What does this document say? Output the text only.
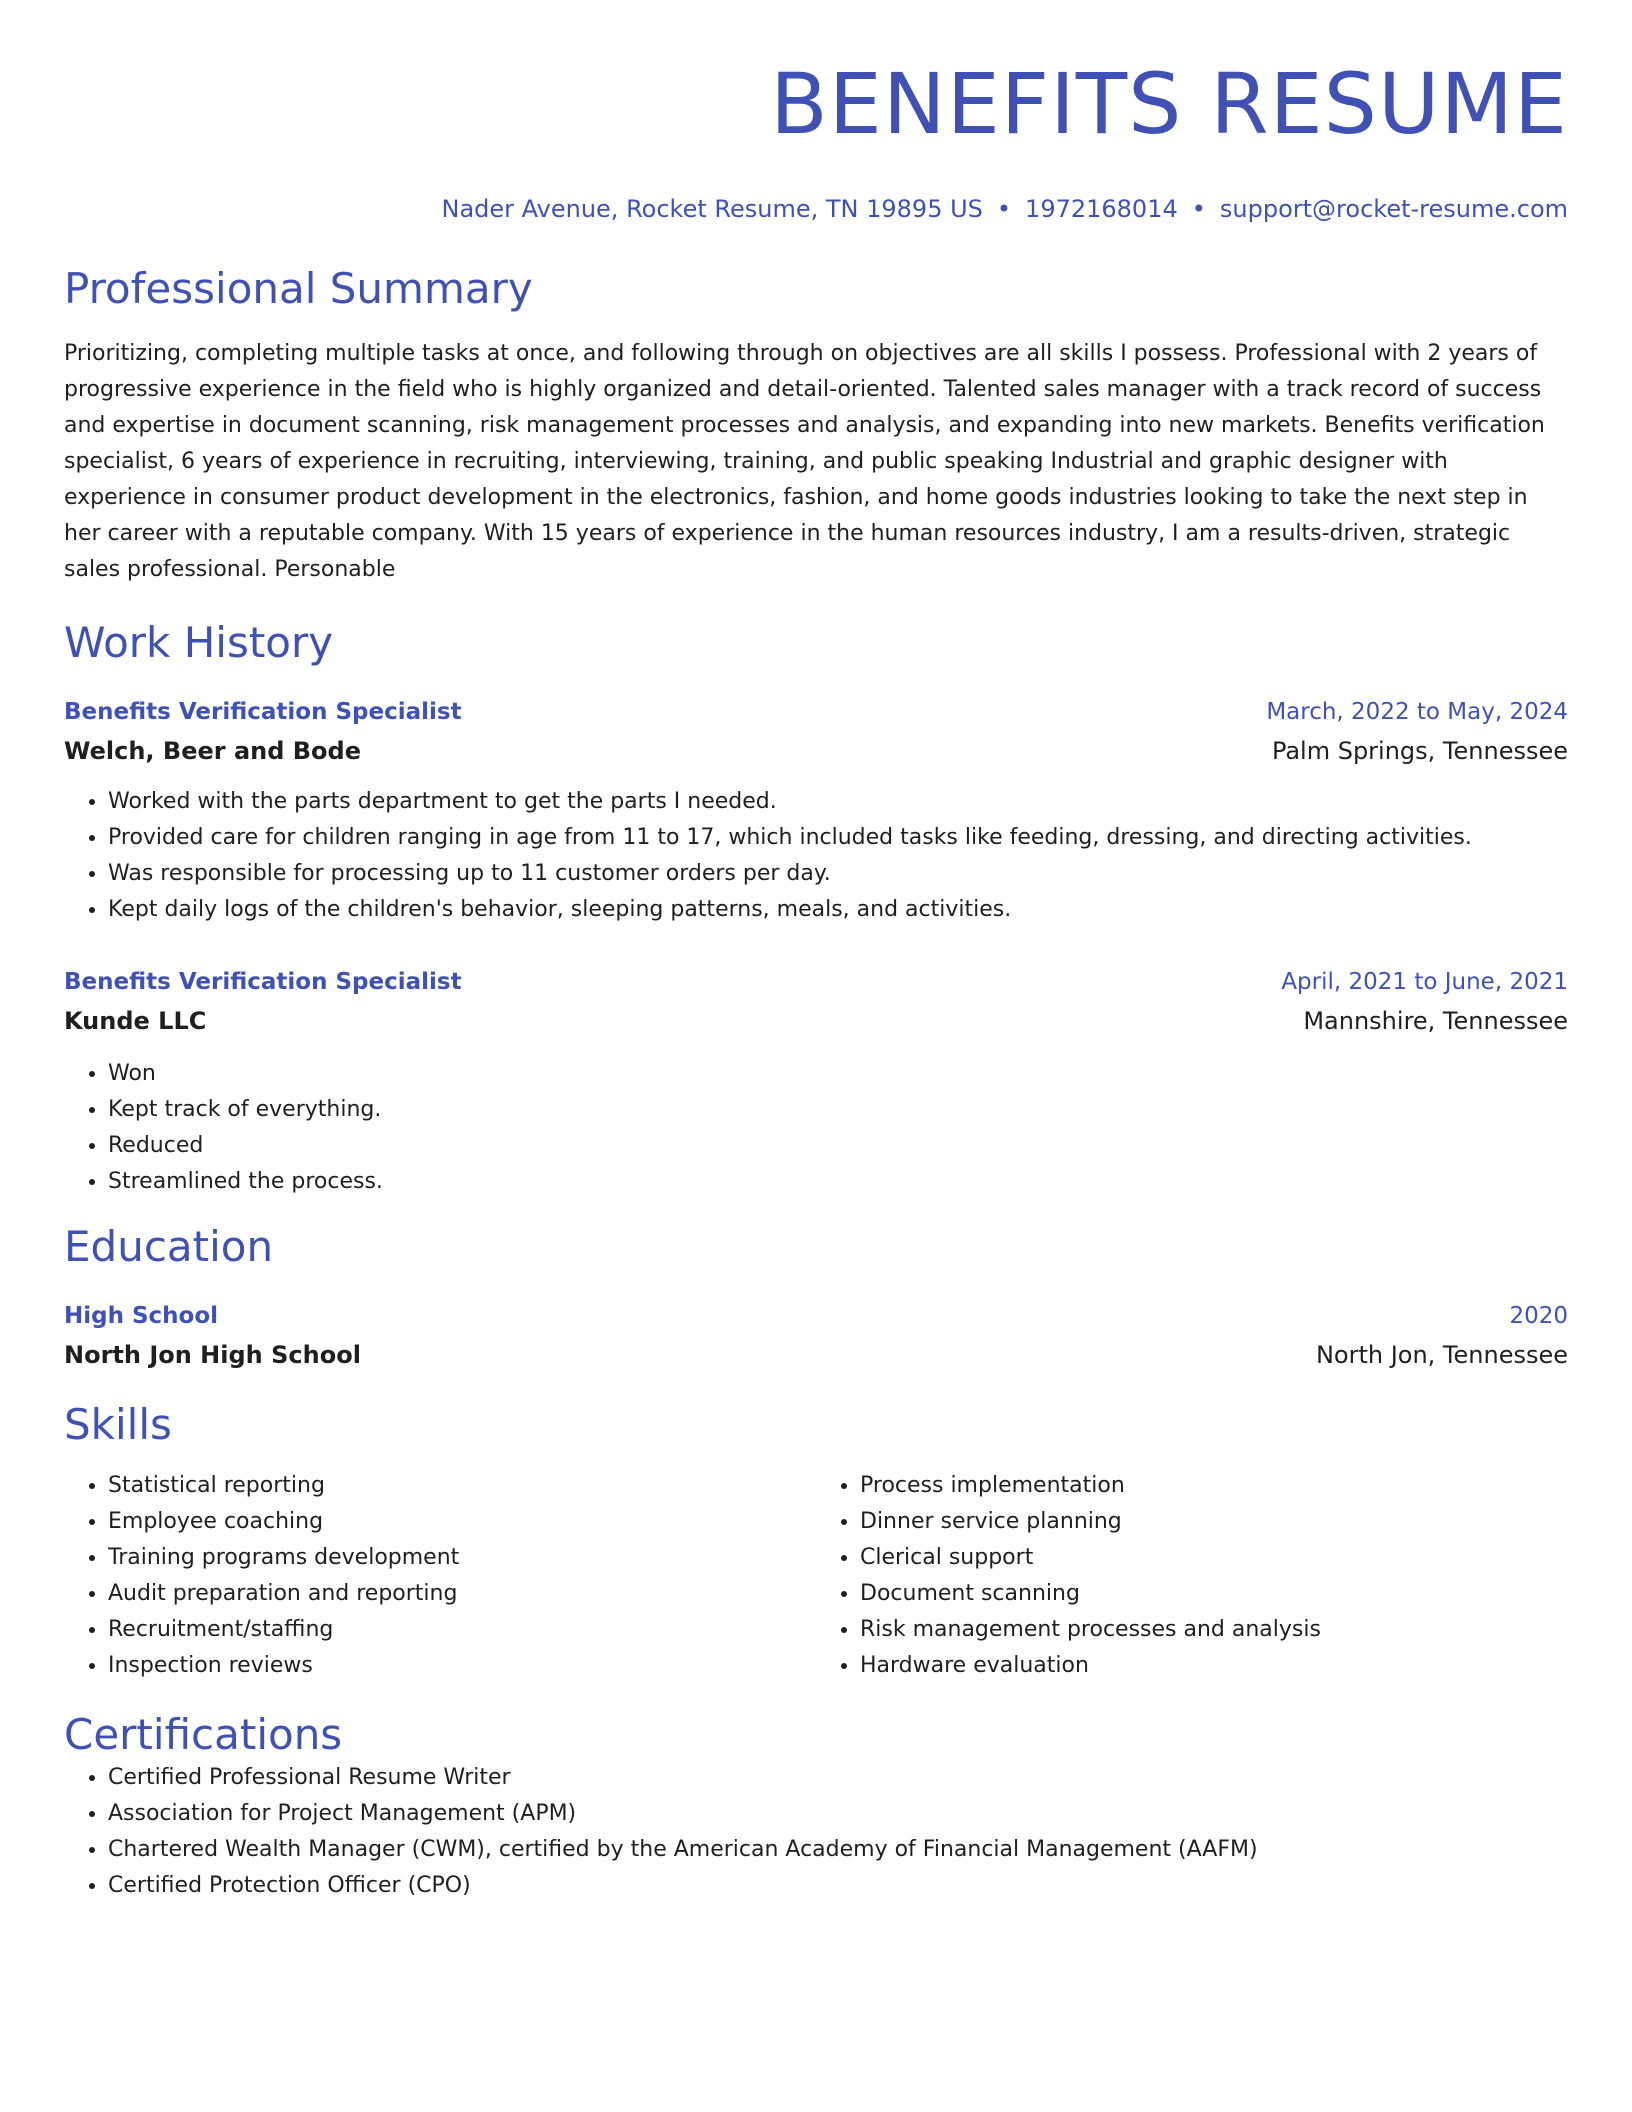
BENEFITS RESUME
Nader Avenue, Rocket Resume, TN 19895 US • 1972168014 • support@rocket-resume.com
Professional Summary

Prioritizing, completing multiple tasks at once, and following through on objectives are all skills I possess. Professional with 2 years of progressive experience in the field who is highly organized and detail-oriented. Talented sales manager with a track record of success and expertise in document scanning, risk management processes and analysis, and expanding into new markets. Benefits verification specialist, 6 years of experience in recruiting, interviewing, training, and public speaking Industrial and graphic designer with experience in consumer product development in the electronics, fashion, and home goods industries looking to take the next step in her career with a reputable company. With 15 years of experience in the human resources industry, I am a results-driven, strategic sales professional. Personable

Work History
Benefits Verification Specialist	March, 2022 to May, 2024
Welch, Beer and Bode	Palm Springs, Tennessee
• Worked with the parts department to get the parts I needed.
• Provided care for children ranging in age from 11 to 17, which included tasks like feeding, dressing, and directing activities.
• Was responsible for processing up to 11 customer orders per day.
• Kept daily logs of the children's behavior, sleeping patterns, meals, and activities.
Benefits Verification Specialist	April, 2021 to June, 2021
Kunde LLC	Mannshire, Tennessee
• Won
• Kept track of everything.
• Reduced
• Streamlined the process.
Education
High School	2020
North Jon High School	North Jon, Tennessee
Skills
• Statistical reporting
• Employee coaching
• Training programs development
• Audit preparation and reporting
• Recruitment/staffing
• Inspection reviews
• Process implementation
• Dinner service planning
• Clerical support
• Document scanning
• Risk management processes and analysis
• Hardware evaluation
Certifications
• Certified Professional Resume Writer
• Association for Project Management (APM)
• Chartered Wealth Manager (CWM), certified by the American Academy of Financial Management (AAFM)
• Certified Protection Officer (CPO)
